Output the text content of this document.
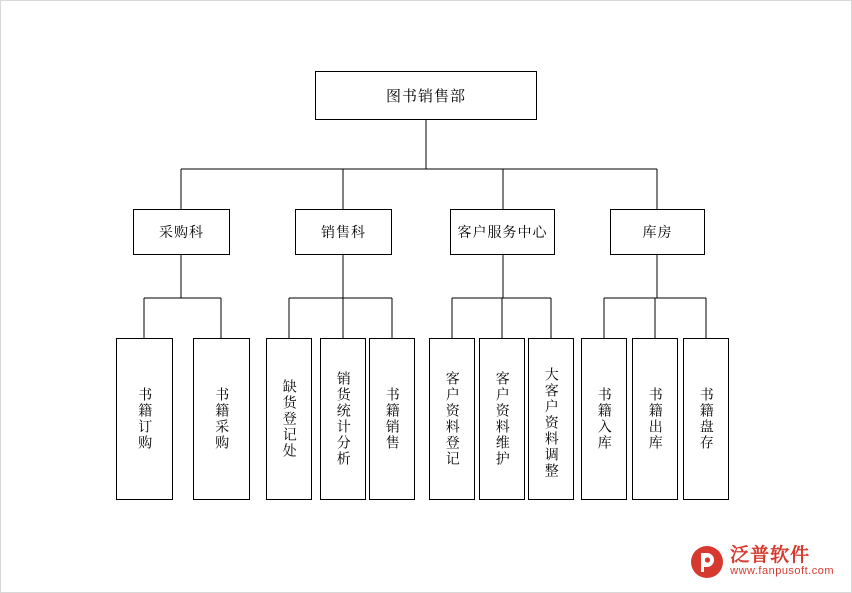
图书销售部
采购科	销售科	客户服务中心	库房
书籍订购	书籍采购	缺货登记处	销货统计分析 书籍销售	客户资料登记 客户资料维护 大客户资料调整	书籍入库	书籍出库	书籍盘存
泛普软件
www.fanpusoft.com
